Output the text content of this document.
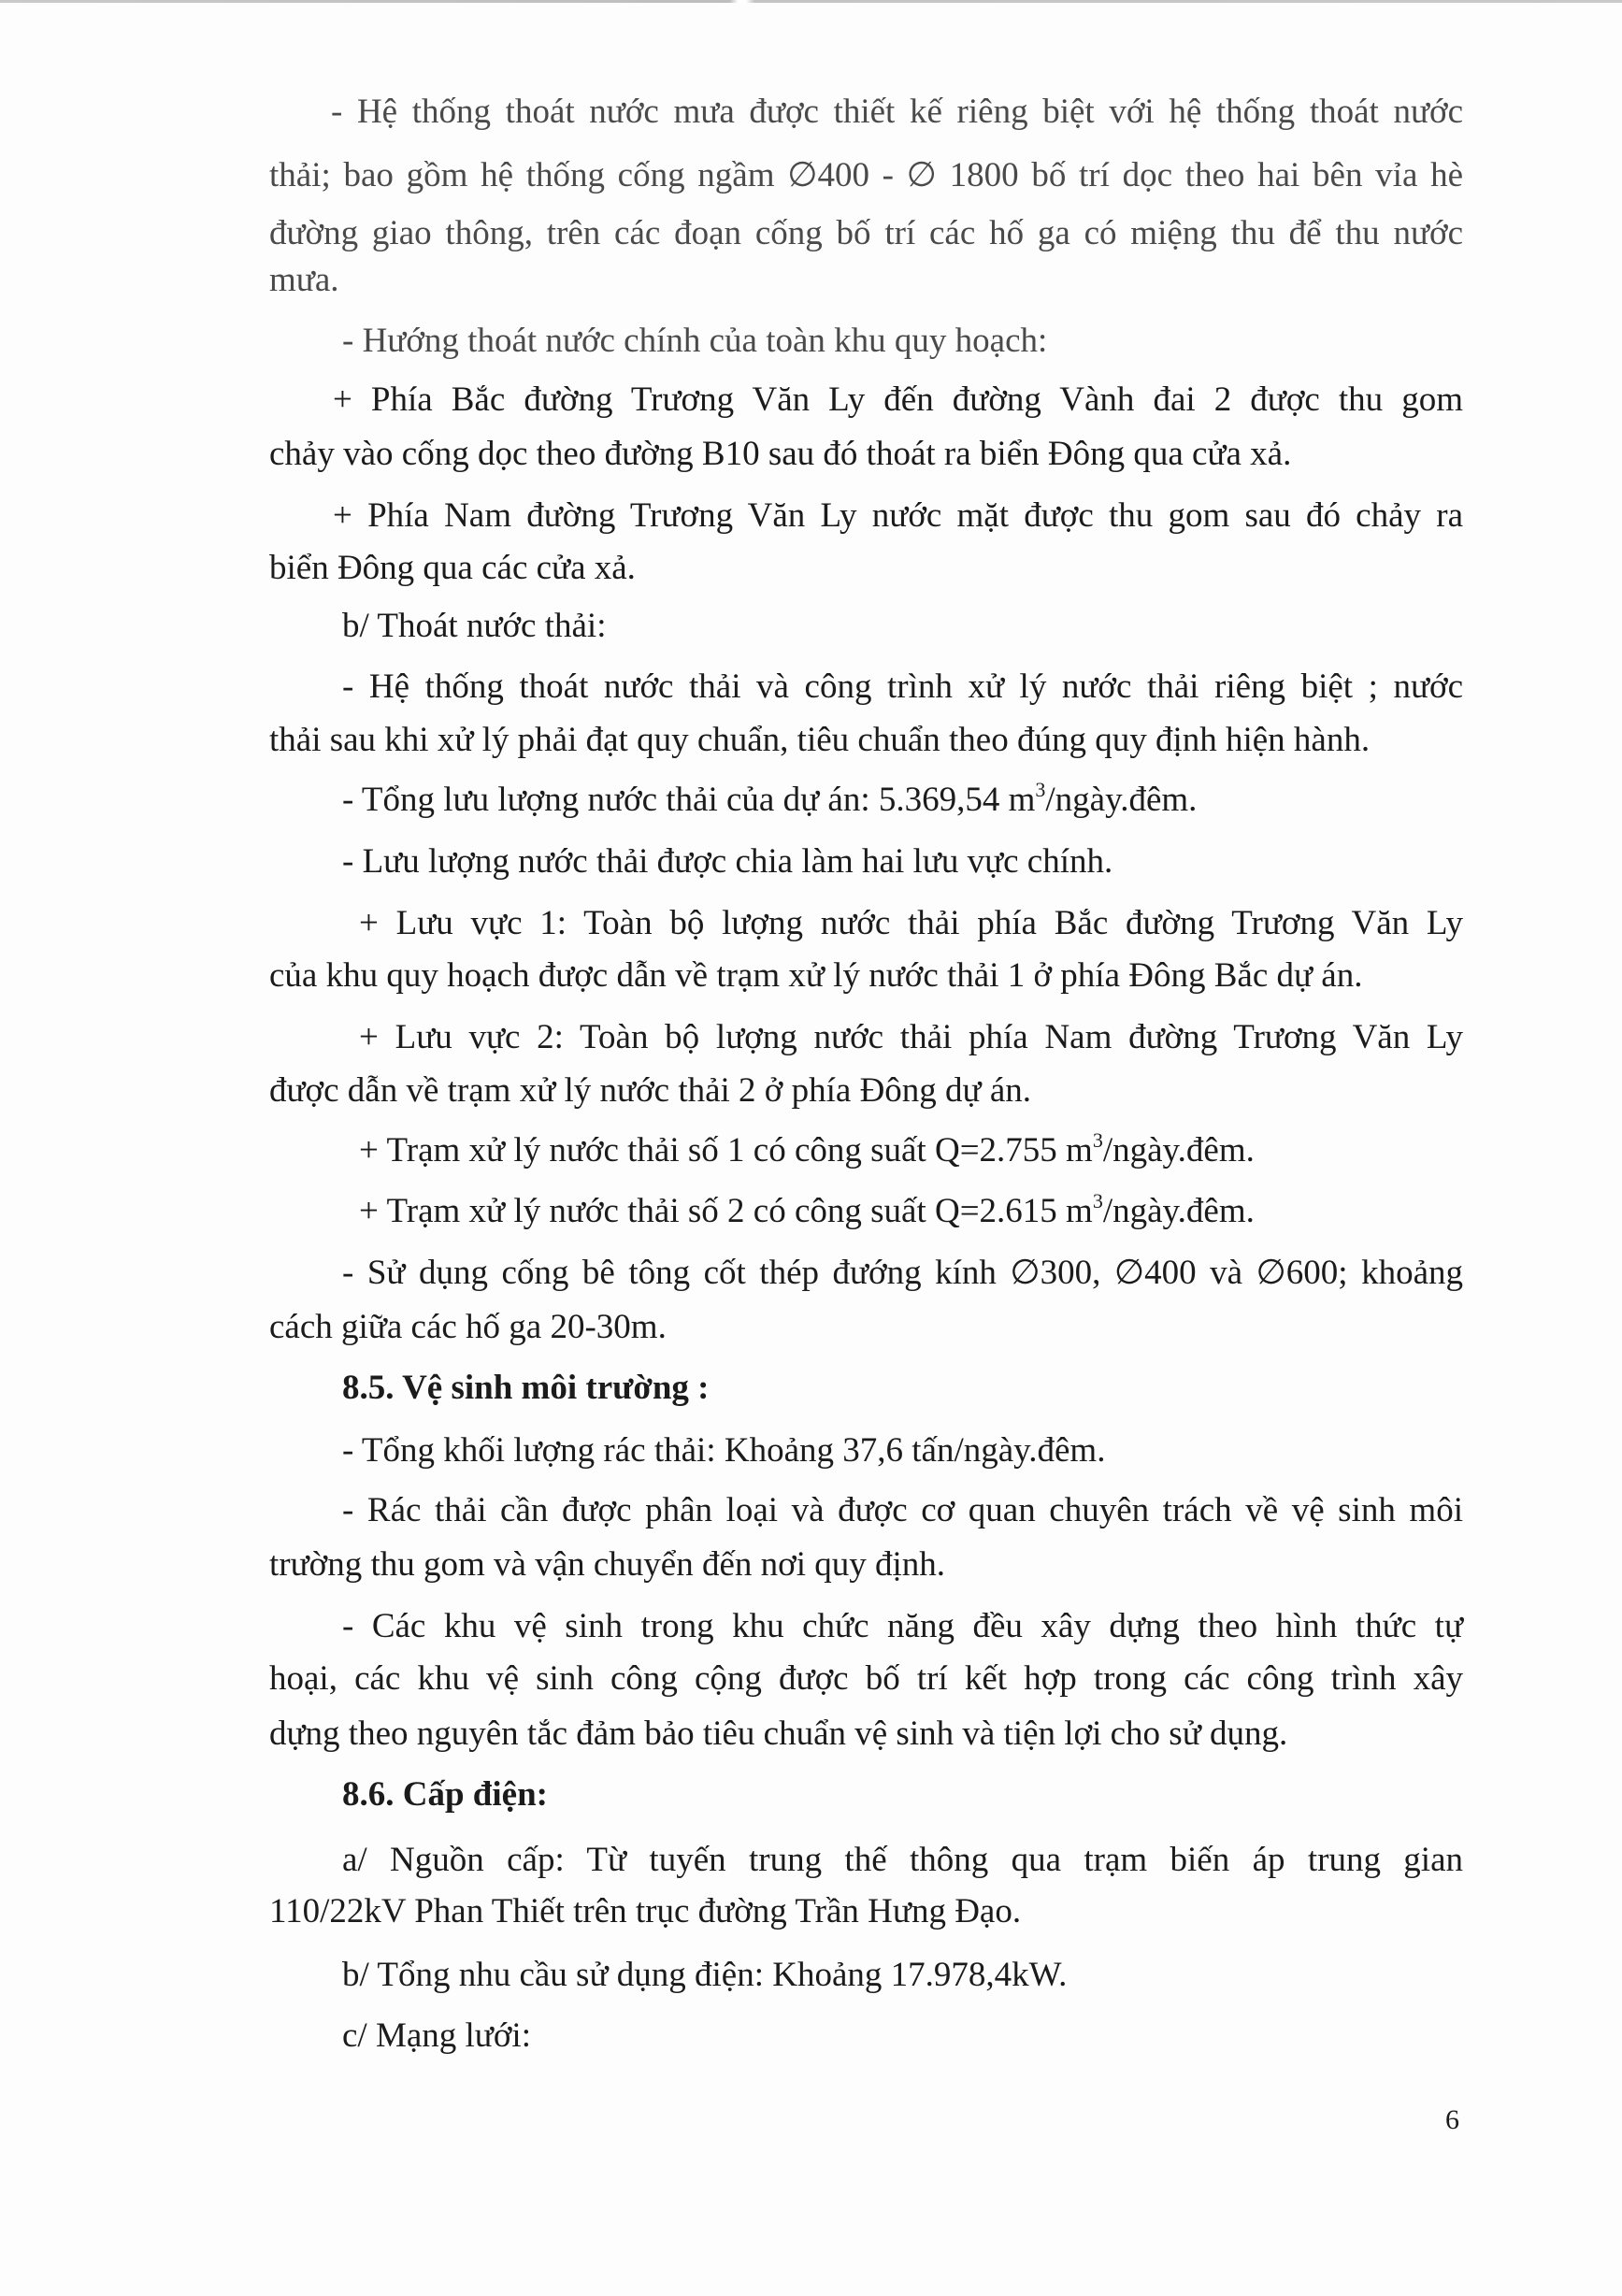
- Hệ thống thoát nước mưa được thiết kế riêng biệt với hệ thống thoát nước
thải; bao gồm hệ thống cống ngầm ∅400 - ∅ 1800 bố trí dọc theo hai bên vỉa hè
đường giao thông, trên các đoạn cống bố trí các hố ga có miệng thu để thu nước
mưa.
- Hướng thoát nước chính của toàn khu quy hoạch:
+ Phía Bắc đường Trương Văn Ly đến đường Vành đai 2 được thu gom
chảy vào cống dọc theo đường B10 sau đó thoát ra biển Đông qua cửa xả.
+ Phía Nam đường Trương Văn Ly nước mặt được thu gom sau đó chảy ra
biển Đông qua các cửa xả.
b/ Thoát nước thải:
- Hệ thống thoát nước thải và công trình xử lý nước thải riêng biệt ; nước
thải sau khi xử lý phải đạt quy chuẩn, tiêu chuẩn theo đúng quy định hiện hành.
- Tổng lưu lượng nước thải của dự án: 5.369,54 $m^3/ngày.đêm$.
- Lưu lượng nước thải được chia làm hai lưu vực chính.
+ Lưu vực 1: Toàn bộ lượng nước thải phía Bắc đường Trương Văn Ly
của khu quy hoạch được dẫn về trạm xử lý nước thải 1 ở phía Đông Bắc dự án.
+ Lưu vực 2: Toàn bộ lượng nước thải phía Nam đường Trương Văn Ly
được dẫn về trạm xử lý nước thải 2 ở phía Đông dự án.
+ Trạm xử lý nước thải số 1 có công suất Q=2.755 $m^3/ngày.đêm$.
+ Trạm xử lý nước thải số 2 có công suất Q=2.615 $m^3/ngày.đêm$.
- Sử dụng cống bê tông cốt thép đướng kính ∅300, ∅400 và ∅600; khoảng
cách giữa các hố ga 20-30m.
8.5. Vệ sinh môi trường :
- Tổng khối lượng rác thải: Khoảng 37,6 tấn/ngày.đêm.
- Rác thải cần được phân loại và được cơ quan chuyên trách về vệ sinh môi
trường thu gom và vận chuyển đến nơi quy định.
- Các khu vệ sinh trong khu chức năng đều xây dựng theo hình thức tự
hoại, các khu vệ sinh công cộng được bố trí kết hợp trong các công trình xây
dựng theo nguyên tắc đảm bảo tiêu chuẩn vệ sinh và tiện lợi cho sử dụng.
8.6. Cấp điện:
a/ Nguồn cấp: Từ tuyến trung thế thông qua trạm biến áp trung gian
110/22kV Phan Thiết trên trục đường Trần Hưng Đạo.
b/ Tổng nhu cầu sử dụng điện: Khoảng 17.978,4kW.
c/ Mạng lưới:
6
